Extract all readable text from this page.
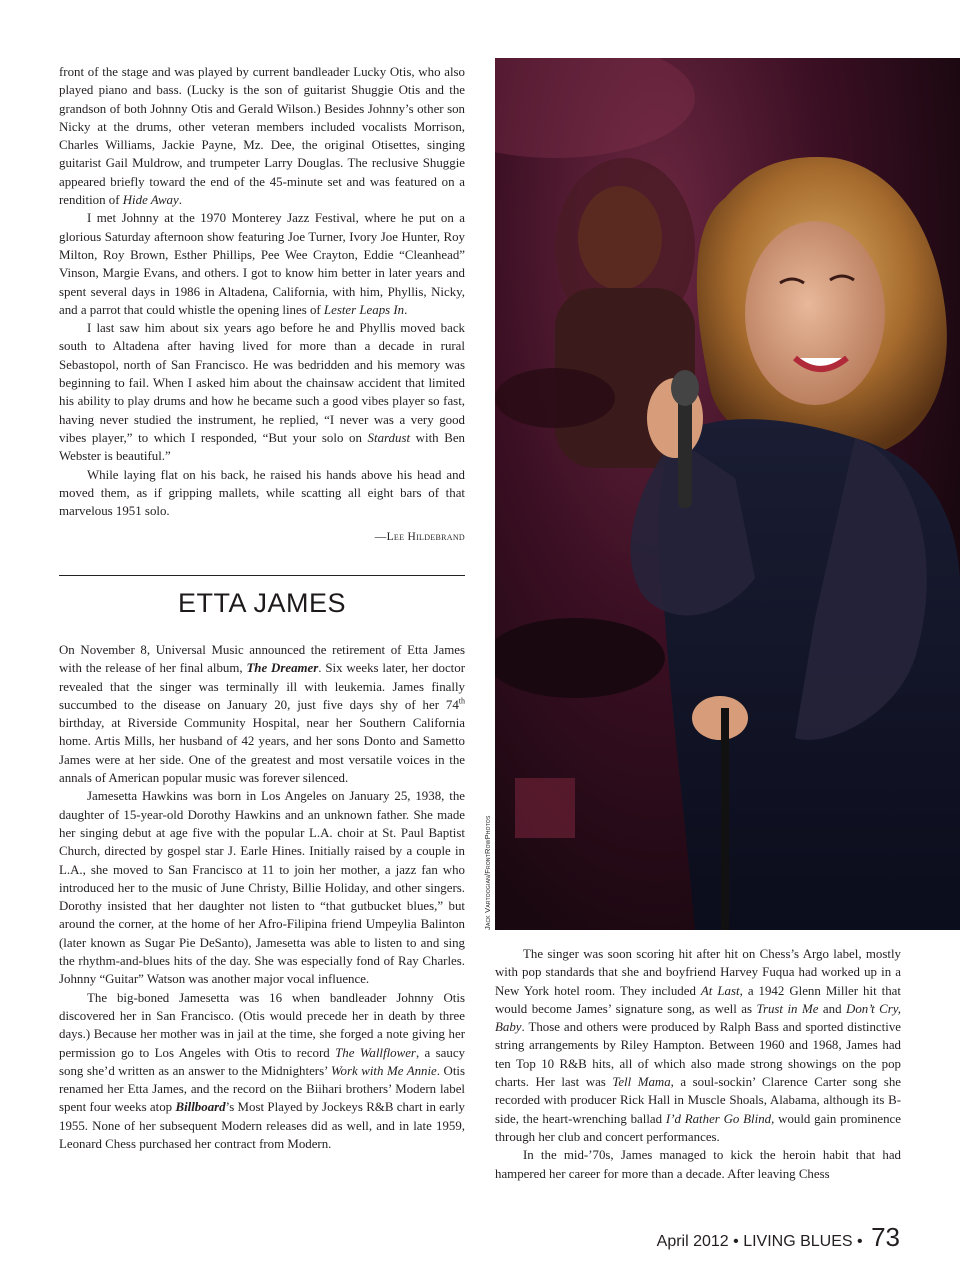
front of the stage and was played by current bandleader Lucky Otis, who also played piano and bass. (Lucky is the son of guitarist Shuggie Otis and the grandson of both Johnny Otis and Gerald Wilson.) Besides Johnny’s other son Nicky at the drums, other veteran members included vocalists Morrison, Charles Williams, Jackie Payne, Mz. Dee, the original Otisettes, singing guitarist Gail Muldrow, and trumpeter Larry Douglas. The reclusive Shuggie appeared briefly toward the end of the 45-minute set and was featured on a rendition of Hide Away.

I met Johnny at the 1970 Monterey Jazz Festival, where he put on a glorious Saturday afternoon show featuring Joe Turner, Ivory Joe Hunter, Roy Milton, Roy Brown, Esther Phillips, Pee Wee Crayton, Eddie “Cleanhead” Vinson, Margie Evans, and others. I got to know him better in later years and spent several days in 1986 in Altadena, California, with him, Phyllis, Nicky, and a parrot that could whistle the opening lines of Lester Leaps In.

I last saw him about six years ago before he and Phyllis moved back south to Altadena after having lived for more than a decade in rural Sebastopol, north of San Francisco. He was bedridden and his memory was beginning to fail. When I asked him about the chainsaw accident that limited his ability to play drums and how he became such a good vibes player so fast, having never studied the instrument, he replied, “I never was a very good vibes player,” to which I responded, “But your solo on Stardust with Ben Webster is beautiful.”

While laying flat on his back, he raised his hands above his head and moved them, as if gripping mallets, while scatting all eight bars of that marvelous 1951 solo.

—Lee Hildebrand
ETTA JAMES

On November 8, Universal Music announced the retirement of Etta James with the release of her final album, The Dreamer. Six weeks later, her doctor revealed that the singer was terminally ill with leukemia. James finally succumbed to the disease on January 20, just five days shy of her 74th birthday, at Riverside Community Hospital, near her Southern California home. Artis Mills, her husband of 42 years, and her sons Donto and Sametto James were at her side. One of the greatest and most versatile voices in the annals of American popular music was forever silenced.

Jamesetta Hawkins was born in Los Angeles on January 25, 1938, the daughter of 15-year-old Dorothy Hawkins and an unknown father. She made her singing debut at age five with the popular L.A. choir at St. Paul Baptist Church, directed by gospel star J. Earle Hines. Initially raised by a couple in L.A., she moved to San Francisco at 11 to join her mother, a jazz fan who introduced her to the music of June Christy, Billie Holiday, and other singers. Dorothy insisted that her daughter not listen to “that gutbucket blues,” but around the corner, at the home of her Afro-Filipina friend Umpeylia Balinton (later known as Sugar Pie DeSanto), Jamesetta was able to listen to and sing the rhythm-and-blues hits of the day. She was especially fond of Ray Charles. Johnny “Guitar” Watson was another major vocal influence.

The big-boned Jamesetta was 16 when bandleader Johnny Otis discovered her in San Francisco. (Otis would precede her in death by three days.) Because her mother was in jail at the time, she forged a note giving her permission go to Los Angeles with Otis to record The Wallflower, a saucy song she’d written as an answer to the Midnighters’ Work with Me Annie. Otis renamed her Etta James, and the record on the Biihari brothers’ Modern label spent four weeks atop Billboard’s Most Played by Jockeys R&B chart in early 1955. None of her subsequent Modern releases did as well, and in late 1959, Leonard Chess purchased her contract from Modern.

Jack Vartoogian/FrontRowPhotos

The singer was soon scoring hit after hit on Chess’s Argo label, mostly with pop standards that she and boyfriend Harvey Fuqua had worked up in a New York hotel room. They included At Last, a 1942 Glenn Miller hit that would become James’ signature song, as well as Trust in Me and Don’t Cry, Baby. Those and others were produced by Ralph Bass and sported distinctive string arrangements by Riley Hampton. Between 1960 and 1968, James had ten Top 10 R&B hits, all of which also made strong showings on the pop charts. Her last was Tell Mama, a soul-sockin’ Clarence Carter song she recorded with producer Rick Hall in Muscle Shoals, Alabama, although its B-side, the heart-wrenching ballad I’d Rather Go Blind, would gain prominence through her club and concert performances.

In the mid-’70s, James managed to kick the heroin habit that had hampered her career for more than a decade. After leaving Chess

April 2012 • LIVING BLUES • 73
